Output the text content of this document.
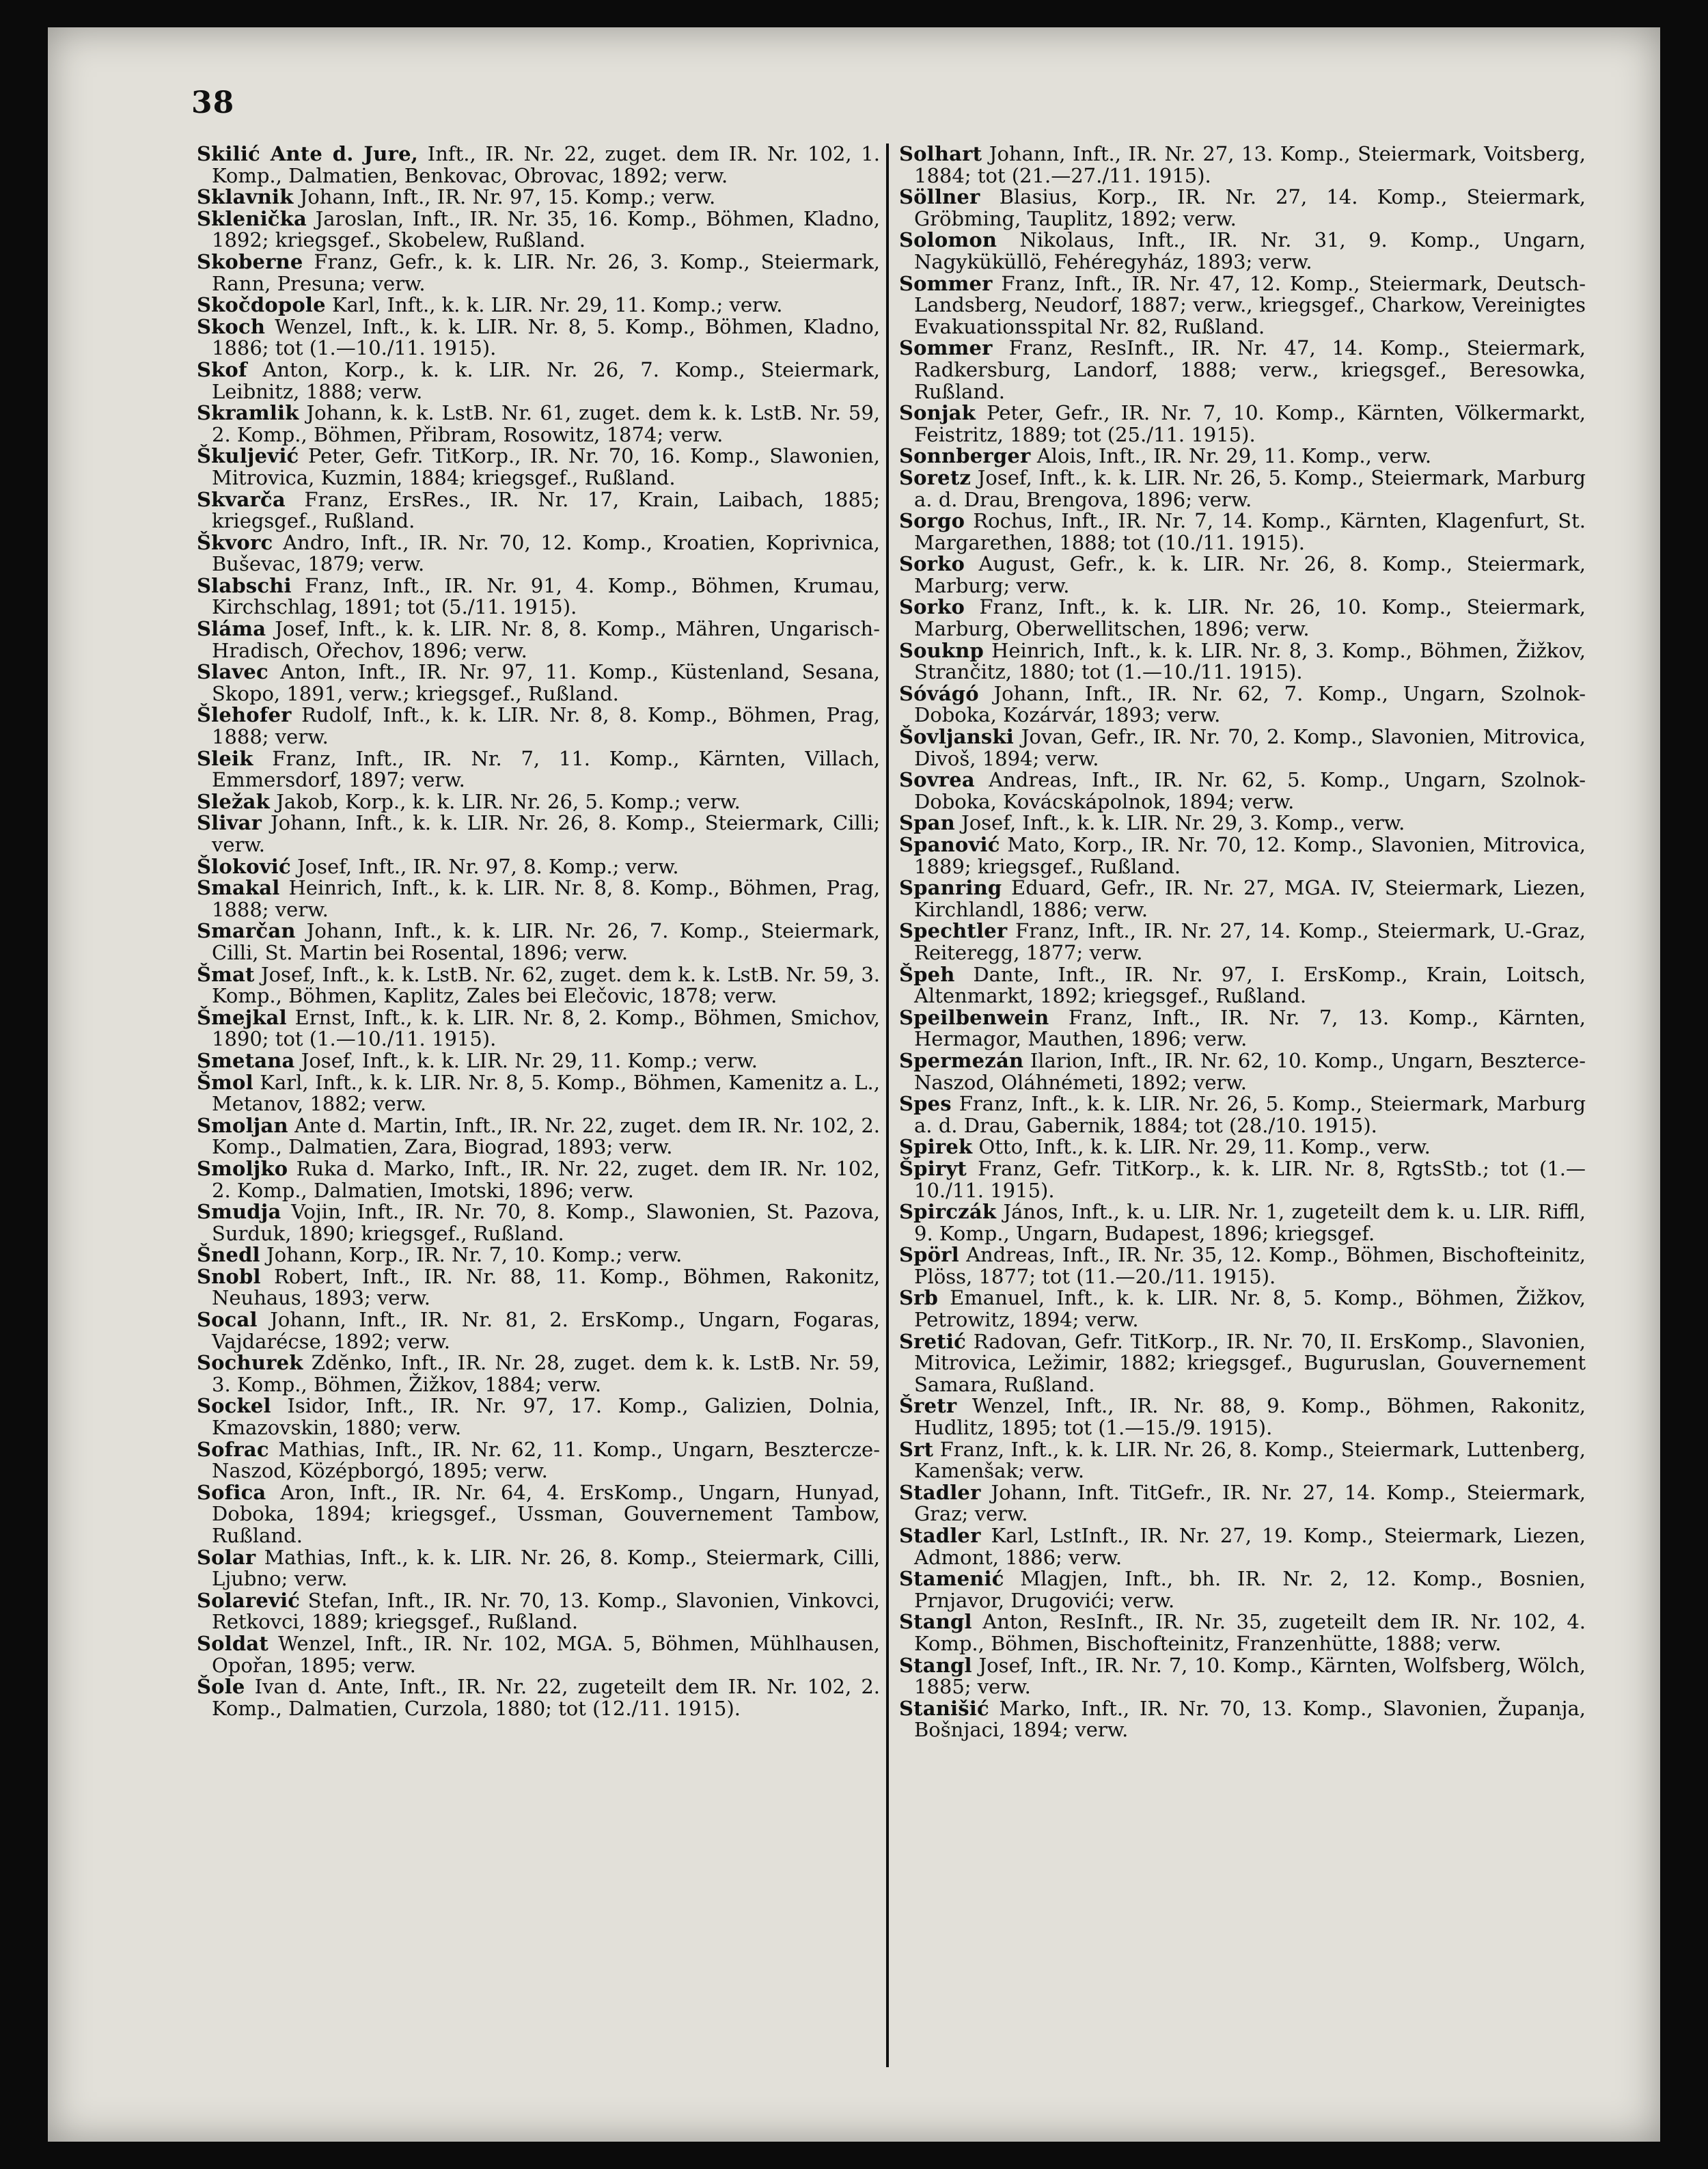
38
Skilić Ante d. Jure, Inft., IR. Nr. 22, zuget. dem IR. Nr. 102, 1. Komp., Dalmatien, Benkovac, Obrovac, 1892; verw.
Sklavnik Johann, Inft., IR. Nr. 97, 15. Komp.; verw.
Sklenička Jaroslan, Inft., IR. Nr. 35, 16. Komp., Böhmen, Kladno, 1892; kriegsgef., Skobelew, Rußland.
Skoberne Franz, Gefr., k. k. LIR. Nr. 26, 3. Komp., Steiermark, Rann, Presuna; verw.
Skočdopole Karl, Inft., k. k. LIR. Nr. 29, 11. Komp.; verw.
Skoch Wenzel, Inft., k. k. LIR. Nr. 8, 5. Komp., Böhmen, Kladno, 1886; tot (1.—10./11. 1915).
Skof Anton, Korp., k. k. LIR. Nr. 26, 7. Komp., Steiermark, Leibnitz, 1888; verw.
Skramlik Johann, k. k. LstB. Nr. 61, zuget. dem k. k. LstB. Nr. 59, 2. Komp., Böhmen, Přibram, Rosowitz, 1874; verw.
Škuljević Peter, Gefr. TitKorp., IR. Nr. 70, 16. Komp., Slawonien, Mitrovica, Kuzmin, 1884; kriegsgef., Rußland.
Skvarča Franz, ErsRes., IR. Nr. 17, Krain, Laibach, 1885; kriegsgef., Rußland.
Škvorc Andro, Inft., IR. Nr. 70, 12. Komp., Kroatien, Koprivnica, Buševac, 1879; verw.
Slabschi Franz, Inft., IR. Nr. 91, 4. Komp., Böhmen, Krumau, Kirchschlag, 1891; tot (5./11. 1915).
Sláma Josef, Inft., k. k. LIR. Nr. 8, 8. Komp., Mähren, Ungarisch-Hradisch, Ořechov, 1896; verw.
Slavec Anton, Inft., IR. Nr. 97, 11. Komp., Küstenland, Sesana, Skopo, 1891, verw.; kriegsgef., Rußland.
Šlehofer Rudolf, Inft., k. k. LIR. Nr. 8, 8. Komp., Böhmen, Prag, 1888; verw.
Sleik Franz, Inft., IR. Nr. 7, 11. Komp., Kärnten, Villach, Emmersdorf, 1897; verw.
Sležak Jakob, Korp., k. k. LIR. Nr. 26, 5. Komp.; verw.
Slivar Johann, Inft., k. k. LIR. Nr. 26, 8. Komp., Steiermark, Cilli; verw.
Šloković Josef, Inft., IR. Nr. 97, 8. Komp.; verw.
Smakal Heinrich, Inft., k. k. LIR. Nr. 8, 8. Komp., Böhmen, Prag, 1888; verw.
Smarčan Johann, Inft., k. k. LIR. Nr. 26, 7. Komp., Steiermark, Cilli, St. Martin bei Rosental, 1896; verw.
Šmat Josef, Inft., k. k. LstB. Nr. 62, zuget. dem k. k. LstB. Nr. 59, 3. Komp., Böhmen, Kaplitz, Zales bei Elečovic, 1878; verw.
Šmejkal Ernst, Inft., k. k. LIR. Nr. 8, 2. Komp., Böhmen, Smichov, 1890; tot (1.—10./11. 1915).
Smetana Josef, Inft., k. k. LIR. Nr. 29, 11. Komp.; verw.
Šmol Karl, Inft., k. k. LIR. Nr. 8, 5. Komp., Böhmen, Kamenitz a. L., Metanov, 1882; verw.
Smoljan Ante d. Martin, Inft., IR. Nr. 22, zuget. dem IR. Nr. 102, 2. Komp., Dalmatien, Zara, Biograd, 1893; verw.
Smoljko Ruka d. Marko, Inft., IR. Nr. 22, zuget. dem IR. Nr. 102, 2. Komp., Dalmatien, Imotski, 1896; verw.
Smudja Vojin, Inft., IR. Nr. 70, 8. Komp., Slawonien, St. Pazova, Surduk, 1890; kriegsgef., Rußland.
Šnedl Johann, Korp., IR. Nr. 7, 10. Komp.; verw.
Snobl Robert, Inft., IR. Nr. 88, 11. Komp., Böhmen, Rakonitz, Neuhaus, 1893; verw.
Socal Johann, Inft., IR. Nr. 81, 2. ErsKomp., Ungarn, Fogaras, Vajdarécse, 1892; verw.
Sochurek Zdĕnko, Inft., IR. Nr. 28, zuget. dem k. k. LstB. Nr. 59, 3. Komp., Böhmen, Žižkov, 1884; verw.
Sockel Isidor, Inft., IR. Nr. 97, 17. Komp., Galizien, Dolnia, Kmazovskin, 1880; verw.
Sofrac Mathias, Inft., IR. Nr. 62, 11. Komp., Ungarn, Besztercze-Naszod, Középborgó, 1895; verw.
Sofica Aron, Inft., IR. Nr. 64, 4. ErsKomp., Ungarn, Hunyad, Doboka, 1894; kriegsgef., Ussman, Gouvernement Tambow, Rußland.
Solar Mathias, Inft., k. k. LIR. Nr. 26, 8. Komp., Steiermark, Cilli, Ljubno; verw.
Solarević Stefan, Inft., IR. Nr. 70, 13. Komp., Slavonien, Vinkovci, Retkovci, 1889; kriegsgef., Rußland.
Soldat Wenzel, Inft., IR. Nr. 102, MGA. 5, Böhmen, Mühlhausen, Opořan, 1895; verw.
Šole Ivan d. Ante, Inft., IR. Nr. 22, zugeteilt dem IR. Nr. 102, 2. Komp., Dalmatien, Curzola, 1880; tot (12./11. 1915).
Solhart Johann, Inft., IR. Nr. 27, 13. Komp., Steiermark, Voitsberg, 1884; tot (21.—27./11. 1915).
Söllner Blasius, Korp., IR. Nr. 27, 14. Komp., Steiermark, Gröbming, Tauplitz, 1892; verw.
Solomon Nikolaus, Inft., IR. Nr. 31, 9. Komp., Ungarn, Nagyküküllö, Fehéregyház, 1893; verw.
Sommer Franz, Inft., IR. Nr. 47, 12. Komp., Steiermark, Deutsch-Landsberg, Neudorf, 1887; verw., kriegsgef., Charkow, Vereinigtes Evakuationsspital Nr. 82, Rußland.
Sommer Franz, ResInft., IR. Nr. 47, 14. Komp., Steiermark, Radkersburg, Landorf, 1888; verw., kriegsgef., Beresowka, Rußland.
Sonjak Peter, Gefr., IR. Nr. 7, 10. Komp., Kärnten, Völkermarkt, Feistritz, 1889; tot (25./11. 1915).
Sonnberger Alois, Inft., IR. Nr. 29, 11. Komp., verw.
Soretz Josef, Inft., k. k. LIR. Nr. 26, 5. Komp., Steiermark, Marburg a. d. Drau, Brengova, 1896; verw.
Sorgo Rochus, Inft., IR. Nr. 7, 14. Komp., Kärnten, Klagenfurt, St. Margarethen, 1888; tot (10./11. 1915).
Sorko August, Gefr., k. k. LIR. Nr. 26, 8. Komp., Steiermark, Marburg; verw.
Sorko Franz, Inft., k. k. LIR. Nr. 26, 10. Komp., Steiermark, Marburg, Oberwellitschen, 1896; verw.
Souknp Heinrich, Inft., k. k. LIR. Nr. 8, 3. Komp., Böhmen, Žižkov, Strančitz, 1880; tot (1.—10./11. 1915).
Sóvágó Johann, Inft., IR. Nr. 62, 7. Komp., Ungarn, Szolnok-Doboka, Kozárvár, 1893; verw.
Šovljanski Jovan, Gefr., IR. Nr. 70, 2. Komp., Slavonien, Mitrovica, Divoš, 1894; verw.
Sovrea Andreas, Inft., IR. Nr. 62, 5. Komp., Ungarn, Szolnok-Doboka, Kovácskápolnok, 1894; verw.
Span Josef, Inft., k. k. LIR. Nr. 29, 3. Komp., verw.
Spanović Mato, Korp., IR. Nr. 70, 12. Komp., Slavonien, Mitrovica, 1889; kriegsgef., Rußland.
Spanring Eduard, Gefr., IR. Nr. 27, MGA. IV, Steiermark, Liezen, Kirchlandl, 1886; verw.
Spechtler Franz, Inft., IR. Nr. 27, 14. Komp., Steiermark, U.-Graz, Reiteregg, 1877; verw.
Špeh Dante, Inft., IR. Nr. 97, I. ErsKomp., Krain, Loitsch, Altenmarkt, 1892; kriegsgef., Rußland.
Speilbenwein Franz, Inft., IR. Nr. 7, 13. Komp., Kärnten, Hermagor, Mauthen, 1896; verw.
Spermezán Ilarion, Inft., IR. Nr. 62, 10. Komp., Ungarn, Beszterce-Naszod, Oláhnémeti, 1892; verw.
Spes Franz, Inft., k. k. LIR. Nr. 26, 5. Komp., Steiermark, Marburg a. d. Drau, Gabernik, 1884; tot (28./10. 1915).
Spirek Otto, Inft., k. k. LIR. Nr. 29, 11. Komp., verw.
Špiryt Franz, Gefr. TitKorp., k. k. LIR. Nr. 8, RgtsStb.; tot (1.—10./11. 1915).
Spirczák János, Inft., k. u. LIR. Nr. 1, zugeteilt dem k. u. LIR. Riffl, 9. Komp., Ungarn, Budapest, 1896; kriegsgef.
Spörl Andreas, Inft., IR. Nr. 35, 12. Komp., Böhmen, Bischofteinitz, Plöss, 1877; tot (11.—20./11. 1915).
Srb Emanuel, Inft., k. k. LIR. Nr. 8, 5. Komp., Böhmen, Žižkov, Petrowitz, 1894; verw.
Sretić Radovan, Gefr. TitKorp., IR. Nr. 70, II. ErsKomp., Slavonien, Mitrovica, Ležimir, 1882; kriegsgef., Buguruslan, Gouvernement Samara, Rußland.
Šretr Wenzel, Inft., IR. Nr. 88, 9. Komp., Böhmen, Rakonitz, Hudlitz, 1895; tot (1.—15./9. 1915).
Srt Franz, Inft., k. k. LIR. Nr. 26, 8. Komp., Steiermark, Luttenberg, Kamenšak; verw.
Stadler Johann, Inft. TitGefr., IR. Nr. 27, 14. Komp., Steiermark, Graz; verw.
Stadler Karl, LstInft., IR. Nr. 27, 19. Komp., Steiermark, Liezen, Admont, 1886; verw.
Stamenić Mlagjen, Inft., bh. IR. Nr. 2, 12. Komp., Bosnien, Prnjavor, Drugovići; verw.
Stangl Anton, ResInft., IR. Nr. 35, zugeteilt dem IR. Nr. 102, 4. Komp., Böhmen, Bischofteinitz, Franzenhütte, 1888; verw.
Stangl Josef, Inft., IR. Nr. 7, 10. Komp., Kärnten, Wolfsberg, Wölch, 1885; verw.
Stanišić Marko, Inft., IR. Nr. 70, 13. Komp., Slavonien, Županja, Bošnjaci, 1894; verw.
